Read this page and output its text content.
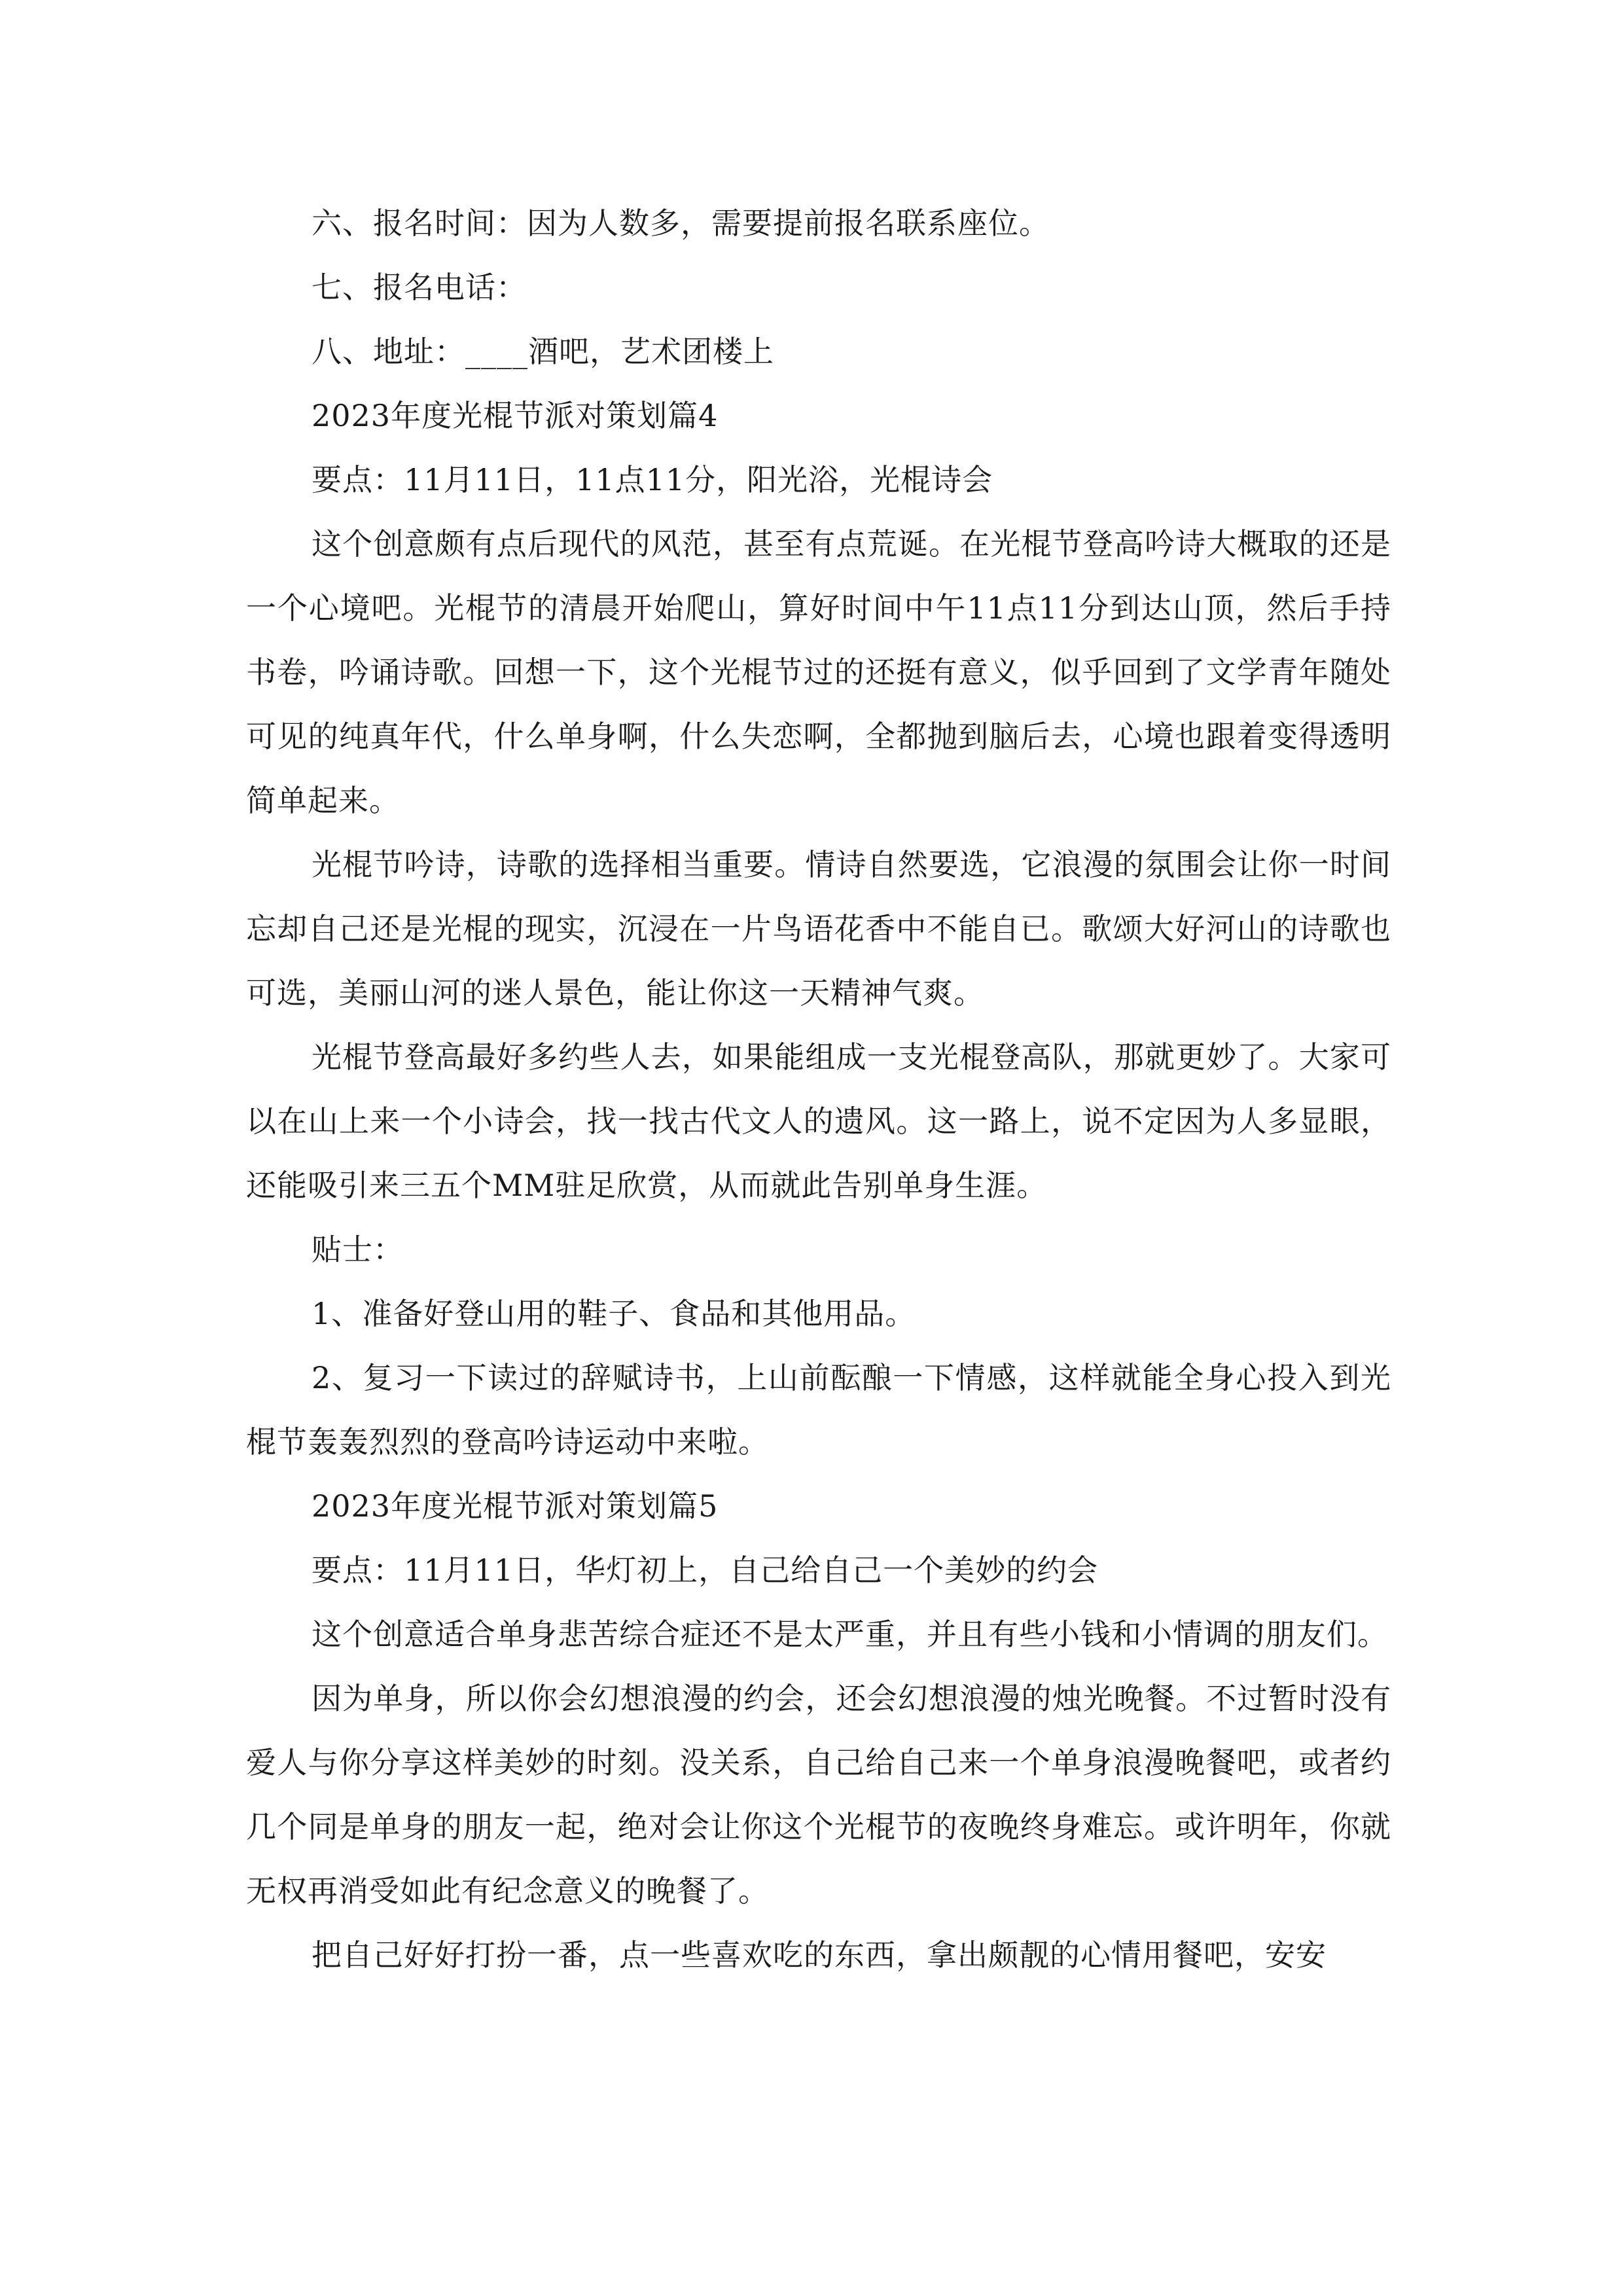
六、报名时间：因为人数多，需要提前报名联系座位。

七、报名电话：

八、地址：____酒吧，艺术团楼上

2023年度光棍节派对策划篇4

要点：11月11日，11点11分，阳光浴，光棍诗会

这个创意颇有点后现代的风范，甚至有点荒诞。在光棍节登高吟诗大概取的还是一个心境吧。光棍节的清晨开始爬山，算好时间中午11点11分到达山顶，然后手持书卷，吟诵诗歌。回想一下，这个光棍节过的还挺有意义，似乎回到了文学青年随处可见的纯真年代，什么单身啊，什么失恋啊，全都抛到脑后去，心境也跟着变得透明简单起来。

光棍节吟诗，诗歌的选择相当重要。情诗自然要选，它浪漫的氛围会让你一时间忘却自己还是光棍的现实，沉浸在一片鸟语花香中不能自已。歌颂大好河山的诗歌也可选，美丽山河的迷人景色，能让你这一天精神气爽。

光棍节登高最好多约些人去，如果能组成一支光棍登高队，那就更妙了。大家可以在山上来一个小诗会，找一找古代文人的遗风。这一路上，说不定因为人多显眼，还能吸引来三五个MM驻足欣赏，从而就此告别单身生涯。

贴士：

1、准备好登山用的鞋子、食品和其他用品。

2、复习一下读过的辞赋诗书，上山前酝酿一下情感，这样就能全身心投入到光棍节轰轰烈烈的登高吟诗运动中来啦。

2023年度光棍节派对策划篇5

要点：11月11日，华灯初上，自己给自己一个美妙的约会

这个创意适合单身悲苦综合症还不是太严重，并且有些小钱和小情调的朋友们。

因为单身，所以你会幻想浪漫的约会，还会幻想浪漫的烛光晚餐。不过暂时没有爱人与你分享这样美妙的时刻。没关系，自己给自己来一个单身浪漫晚餐吧，或者约几个同是单身的朋友一起，绝对会让你这个光棍节的夜晚终身难忘。或许明年，你就无权再消受如此有纪念意义的晚餐了。

把自己好好打扮一番，点一些喜欢吃的东西，拿出颇靓的心情用餐吧，安安
